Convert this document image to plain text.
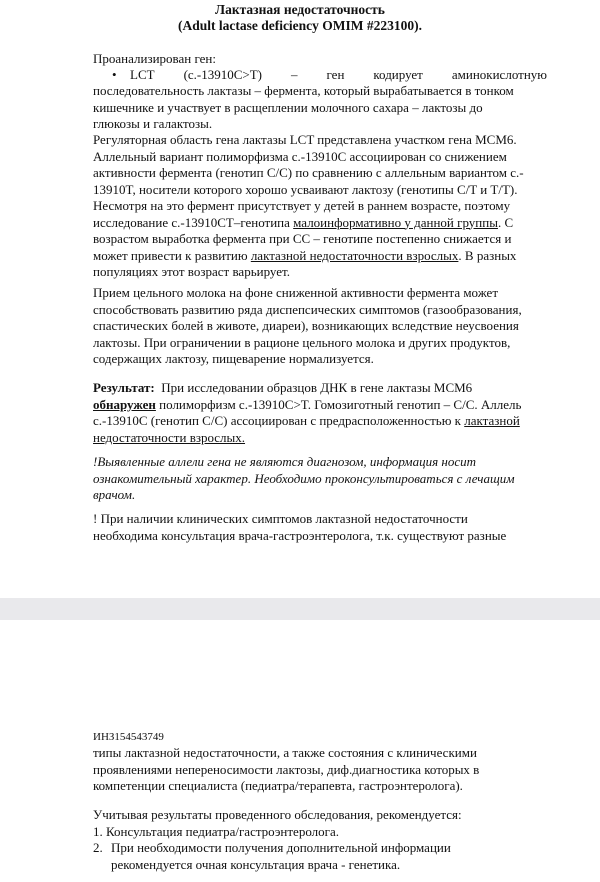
Лактазная недостаточность
(Adult lactase deficiency OMIM #223100).
Проанализирован ген:
• LCT (c.-13910C>T) – ген кодирует аминокислотную
последовательность лактазы – фермента, который вырабатывается в тонком
кишечнике и участвует в расщеплении молочного сахара – лактозы до
глюкозы и галактозы.
Регуляторная область гена лактазы LCT представлена участком гена MCM6.
Аллельный вариант полиморфизма c.-13910C ассоциирован со снижением
активности фермента (генотип C/C) по сравнению с аллельным вариантом c.-
13910T, носители которого хорошо усваивают лактозу (генотипы C/T и T/T).
Несмотря на это фермент присутствует у детей в раннем возрасте, поэтому
исследование c.-13910CT–генотипа малоинформативно у данной группы. С
возрастом выработка фермента при CC – генотипе постепенно снижается и
может привести к развитию лактазной недостаточности взрослых. В разных
популяциях этот возраст варьирует.
Прием цельного молока на фоне сниженной активности фермента может
способствовать развитию ряда диспепсических симптомов (газообразования,
спастических болей в животе, диареи), возникающих вследствие неусвоения
лактозы. При ограничении в рационе цельного молока и других продуктов,
содержащих лактозу, пищеварение нормализуется.
Результат: При исследовании образцов ДНК в гене лактазы MCM6
обнаружен полиморфизм c.-13910C>T. Гомозиготный генотип – C/C. Аллель
c.-13910C (генотип C/C) ассоциирован с предрасположенностью к лактазной
недостаточности взрослых.
!Выявленные аллели гена не являются диагнозом, информация носит
ознакомительный характер. Необходимо проконсультироваться с лечащим
врачом.
! При наличии клинических симптомов лактазной недостаточности
необходима консультация врача-гастроэнтеролога, т.к. существуют разные
ИНЗ154543749
типы лактазной недостаточности, а также состояния с клиническими
проявлениями непереносимости лактозы, диф.диагностика которых в
компетенции специалиста (педиатра/терапевта, гастроэнтеролога).
Учитывая результаты проведенного обследования, рекомендуется:
1. Консультация педиатра/гастроэнтеролога.
2. При необходимости получения дополнительной информации
рекомендуется очная консультация врача - генетика.
